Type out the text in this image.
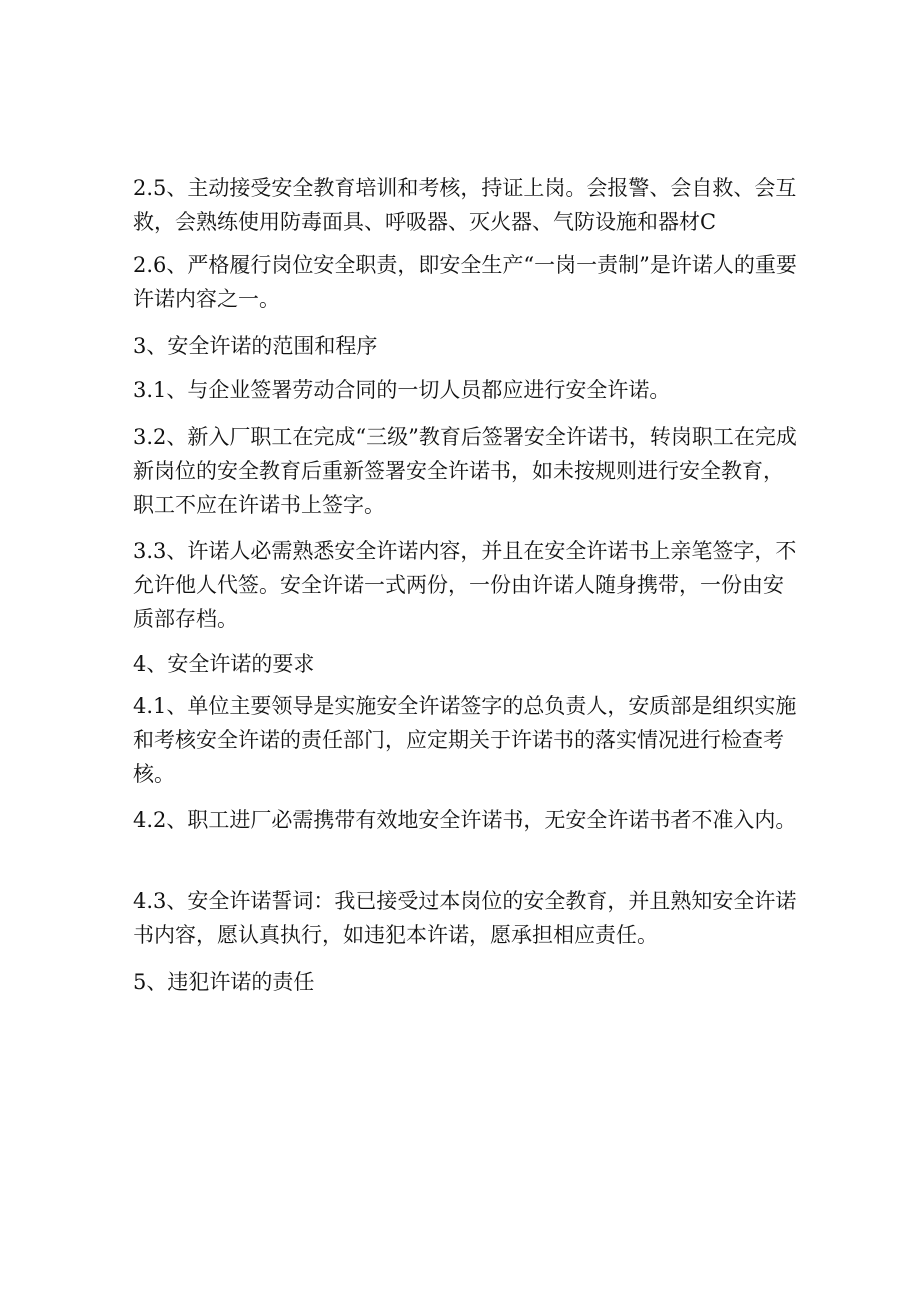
2.5、主动接受安全教育培训和考核，持证上岗。会报警、会自救、会互救，会熟练使用防毒面具、呼吸器、灭火器、气防设施和器材C

2.6、严格履行岗位安全职责，即安全生产“一岗一责制”是许诺人的重要许诺内容之一。

3、安全许诺的范围和程序

3.1、与企业签署劳动合同的一切人员都应进行安全许诺。

3.2、新入厂职工在完成“三级”教育后签署安全许诺书，转岗职工在完成新岗位的安全教育后重新签署安全许诺书，如未按规则进行安全教育，职工不应在许诺书上签字。

3.3、许诺人必需熟悉安全许诺内容，并且在安全许诺书上亲笔签字，不允许他人代签。安全许诺一式两份，一份由许诺人随身携带，一份由安质部存档。

4、安全许诺的要求

4.1、单位主要领导是实施安全许诺签字的总负责人，安质部是组织实施和考核安全许诺的责任部门，应定期关于许诺书的落实情况进行检查考核。

4.2、职工进厂必需携带有效地安全许诺书，无安全许诺书者不准入内。

4.3、安全许诺誓词：我已接受过本岗位的安全教育，并且熟知安全许诺书内容，愿认真执行，如违犯本许诺，愿承担相应责任。

5、违犯许诺的责任
